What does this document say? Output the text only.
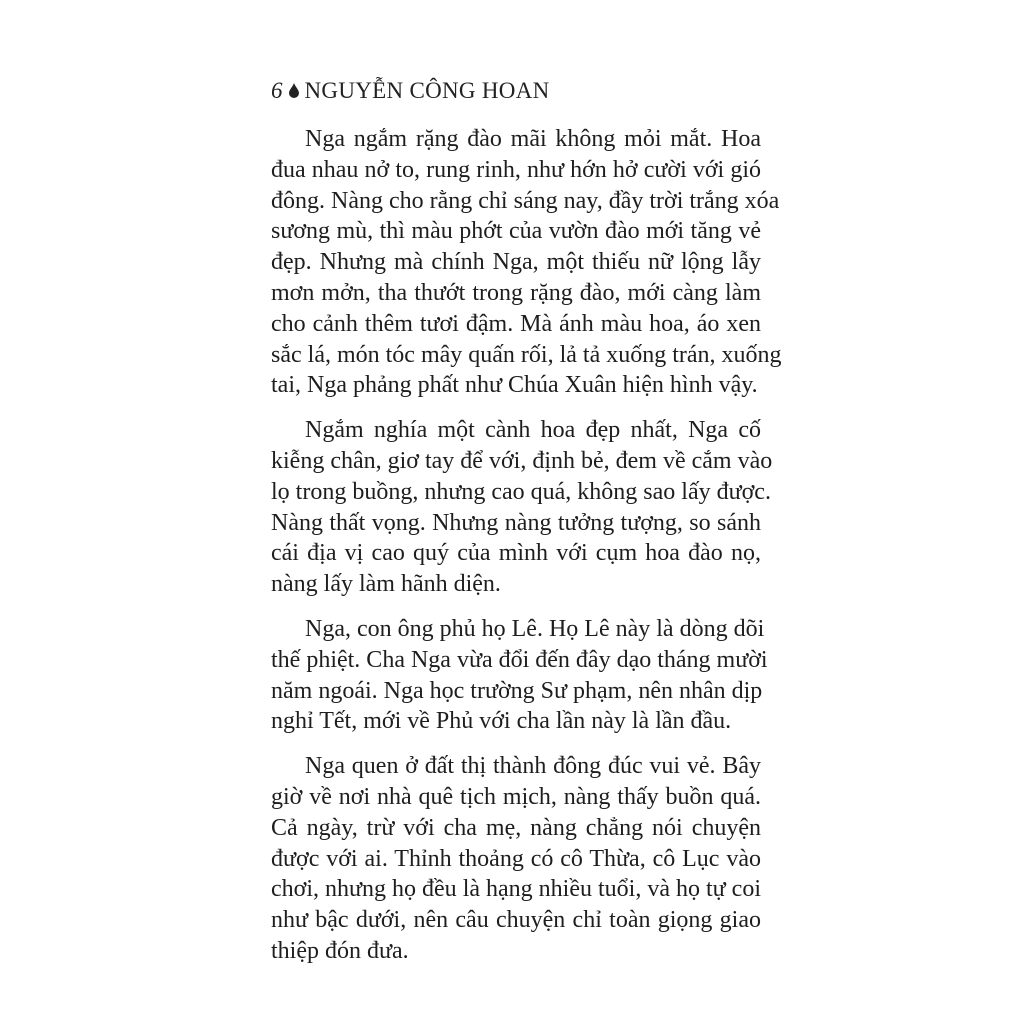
6 NGUYỄN CÔNG HOAN
Nga ngắm rặng đào mãi không mỏi mắt. Hoa
đua nhau nở to, rung rinh, như hớn hở cười với gió
đông. Nàng cho rằng chỉ sáng nay, đầy trời trắng xóa
sương mù, thì màu phớt của vườn đào mới tăng vẻ
đẹp. Nhưng mà chính Nga, một thiếu nữ lộng lẫy
mơn mởn, tha thướt trong rặng đào, mới càng làm
cho cảnh thêm tươi đậm. Mà ánh màu hoa, áo xen
sắc lá, món tóc mây quấn rối, lả tả xuống trán, xuống
tai, Nga phảng phất như Chúa Xuân hiện hình vậy.
Ngắm nghía một cành hoa đẹp nhất, Nga cố
kiễng chân, giơ tay để với, định bẻ, đem về cắm vào
lọ trong buồng, nhưng cao quá, không sao lấy được.
Nàng thất vọng. Nhưng nàng tưởng tượng, so sánh
cái địa vị cao quý của mình với cụm hoa đào nọ,
nàng lấy làm hãnh diện.
Nga, con ông phủ họ Lê. Họ Lê này là dòng dõi
thế phiệt. Cha Nga vừa đổi đến đây dạo tháng mười
năm ngoái. Nga học trường Sư phạm, nên nhân dịp
nghỉ Tết, mới về Phủ với cha lần này là lần đầu.
Nga quen ở đất thị thành đông đúc vui vẻ. Bây
giờ về nơi nhà quê tịch mịch, nàng thấy buồn quá.
Cả ngày, trừ với cha mẹ, nàng chẳng nói chuyện
được với ai. Thỉnh thoảng có cô Thừa, cô Lục vào
chơi, nhưng họ đều là hạng nhiều tuổi, và họ tự coi
như bậc dưới, nên câu chuyện chỉ toàn giọng giao
thiệp đón đưa.
